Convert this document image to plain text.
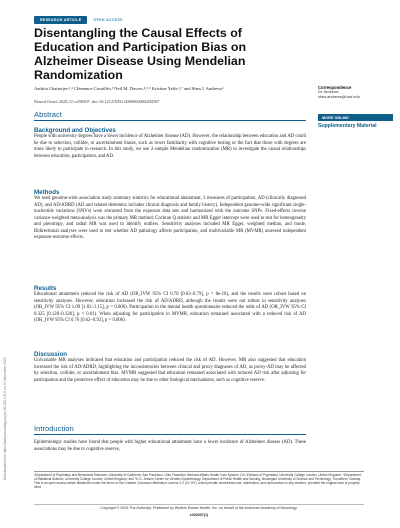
Downloaded from https://www.neurology.org by 90.180.178.6 on 18 November 2025
RESEARCH ARTICLE	OPEN ACCESS
Disentangling the Causal Effects of Education and Participation Bias on Alzheimer Disease Using Mendelian Randomization
Aadrita Chatterjee,¹,² Clémence Cavaillès,³ Neil M. Davies,⁴,⁵,⁶ Kristine Yaffe,¹,⁷ and Shea J. Andrews¹
Neurol Genet 2025;11:e200307. doi:10.1212/NXG.0000000000200307
Correspondence
Dr. Andrews
shea.andrews@ucsf.edu
MORE ONLINE
Supplementary Material
Abstract
Background and Objectives

People with university degrees have a lower incidence of Alzheimer disease (AD). However, the relationship between education and AD could be due to selection, collider, or ascertainment biases, such as lower familiarity with cognitive testing or the fact that those with degrees are more likely to participate in research. In this study, we use 2-sample Mendelian randomization (MR) to investigate the causal relationships between education, participation, and AD.

Methods

We used genome-wide association study summary statistics for educational attainment, 3 measures of participation, AD (clinically diagnosed AD), and AD/ADRD (AD and related dementia; includes clinical diagnosis and family history). Independent genome-wide significant single-nucleotide variations (SNVs) were extracted from the exposure data sets and harmonized with the outcome SNPs. Fixed-effects inverse variance-weighted meta-analysis was the primary MR method; Cochran Q statistic and MR Egger intercept were used to test for heterogeneity and pleiotropy, and radial MR was used to identify outliers. Sensitivity analyses included MR Egger, weighted median, and mode. Bidirectional analyses were used to test whether AD pathology affects participation, and multivariable MR (MVMR) assessed independent exposure-outcome effects.

Results

Educational attainment reduced the risk of AD (OR_IVW 95% CI 0.70 [0.63–0.79], p = 8e-10), and the results were robust based on sensitivity analyses. However, education increased the risk of AD/ADRD, although the results were not robust in sensitivity analyses (OR_IVW 95% CI 1.09 [1.02–1.15], p = 0.006). Participation in the mental health questionnaire reduced the odds of AD (OR_IVW 95% CI 0.325 [0.128–0.326], p = 0.01). When adjusting for participation in MVMR, education remained associated with a reduced risk of AD (OR_IVW 95% CI 0.76 [0.62–0.92], p = 0.006).

Discussion

Univariable MR analyses indicated that education and participation reduced the risk of AD. However, MR also suggested that education increased the risk of AD/ADRD, highlighting the inconsistencies between clinical and proxy diagnoses of AD, as proxy-AD may be affected by selection, collider, or ascertainment bias. MVMR suggested that education remained associated with reduced AD risk after adjusting for participation and the protective effect of education may be due to other biological mechanisms, such as cognitive reserve.

Introduction

Epidemiologic studies have found that people with higher educational attainment have a lower incidence of Alzheimer disease (AD). These associations may be due to cognitive reserve,

¹Department of Psychiatry and Behavioral Sciences, University of California, San Francisco; ²San Francisco Veterans Affairs Health Care System, CA; ³Division of Psychiatry, University College London, United Kingdom; ⁴Department of Statistical Science, University College London, United Kingdom; and ⁵K.G. Jebsen Center for Genetic Epidemiology, Department of Public Health and Nursing, Norwegian University of Science and Technology, Trondheim, Norway. This is an open access article distributed under the terms of the Creative Commons Attribution License 4.0 (CC BY), which permits unrestricted use, distribution, and reproduction in any medium, provided the original work is properly cited.
Copyright © 2025 The Author(s). Published by Wolters Kluwer Health, Inc. on behalf of the American Academy of Neurology.
e200307(1)
